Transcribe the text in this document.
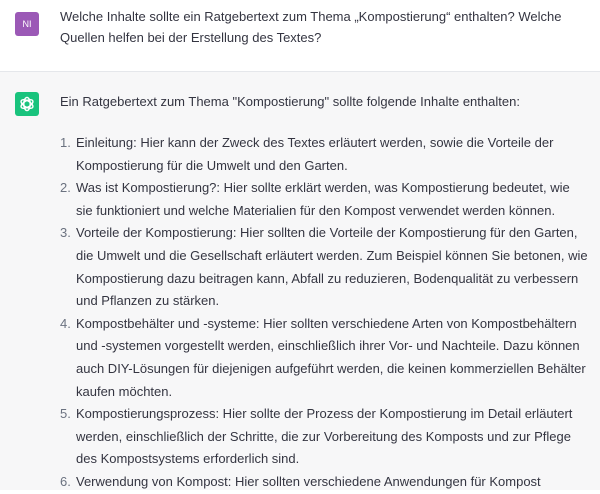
NI	Welche Inhalte sollte ein Ratgebertext zum Thema „Kompostierung“ enthalten? Welche Quellen helfen bei der Erstellung des Textes?

Ein Ratgebertext zum Thema "Kompostierung" sollte folgende Inhalte enthalten:

1. Einleitung: Hier kann der Zweck des Textes erläutert werden, sowie die Vorteile der Kompostierung für die Umwelt und den Garten.
2. Was ist Kompostierung?: Hier sollte erklärt werden, was Kompostierung bedeutet, wie sie funktioniert und welche Materialien für den Kompost verwendet werden können.
3. Vorteile der Kompostierung: Hier sollten die Vorteile der Kompostierung für den Garten, die Umwelt und die Gesellschaft erläutert werden. Zum Beispiel können Sie betonen, wie Kompostierung dazu beitragen kann, Abfall zu reduzieren, Bodenqualität zu verbessern und Pflanzen zu stärken.
4. Kompostbehälter und -systeme: Hier sollten verschiedene Arten von Kompostbehältern und -systemen vorgestellt werden, einschließlich ihrer Vor- und Nachteile. Dazu können auch DIY-Lösungen für diejenigen aufgeführt werden, die keinen kommerziellen Behälter kaufen möchten.
5. Kompostierungsprozess: Hier sollte der Prozess der Kompostierung im Detail erläutert werden, einschließlich der Schritte, die zur Vorbereitung des Komposts und zur Pflege des Kompostsystems erforderlich sind.
6. Verwendung von Kompost: Hier sollten verschiedene Anwendungen für Kompost
